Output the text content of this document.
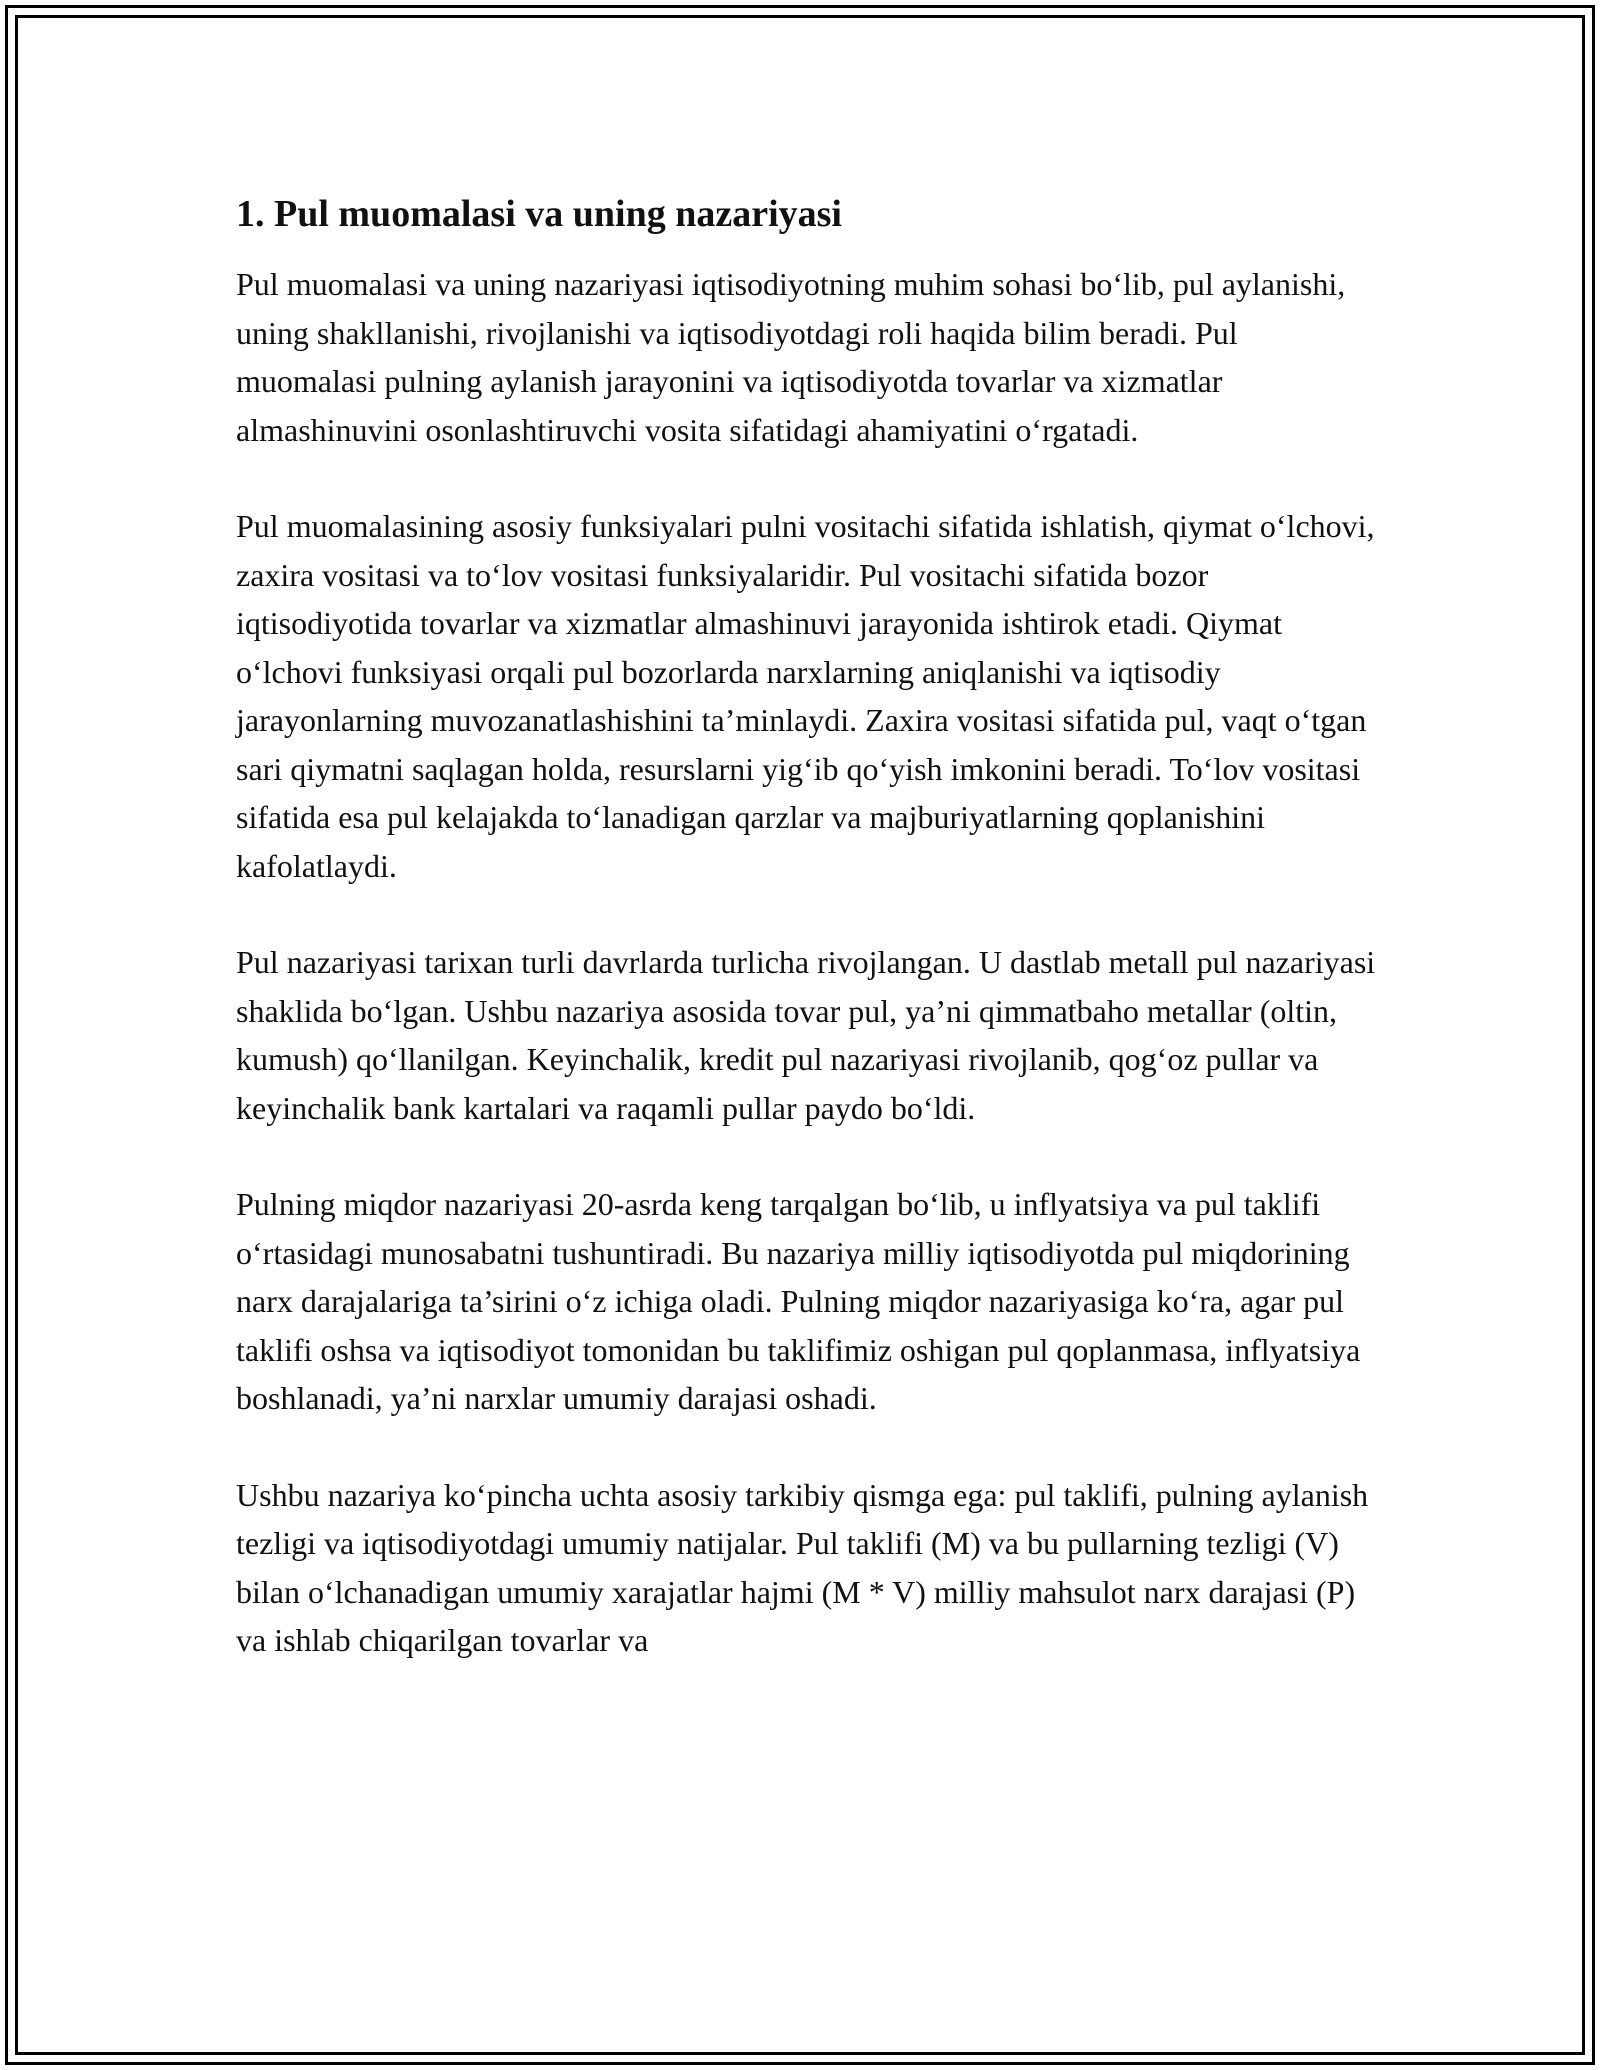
1. Pul muomalasi va uning nazariyasi

Pul muomalasi va uning nazariyasi iqtisodiyotning muhim sohasi bo‘lib, pul aylanishi, uning shakllanishi, rivojlanishi va iqtisodiyotdagi roli haqida bilim beradi. Pul muomalasi pulning aylanish jarayonini va iqtisodiyotda tovarlar va xizmatlar almashinuvini osonlashtiruvchi vosita sifatidagi ahamiyatini o‘rgatadi.

Pul muomalasining asosiy funksiyalari pulni vositachi sifatida ishlatish, qiymat o‘lchovi, zaxira vositasi va to‘lov vositasi funksiyalaridir. Pul vositachi sifatida bozor iqtisodiyotida tovarlar va xizmatlar almashinuvi jarayonida ishtirok etadi. Qiymat o‘lchovi funksiyasi orqali pul bozorlarda narxlarning aniqlanishi va iqtisodiy jarayonlarning muvozanatlashishini ta’minlaydi. Zaxira vositasi sifatida pul, vaqt o‘tgan sari qiymatni saqlagan holda, resurslarni yig‘ib qo‘yish imkonini beradi. To‘lov vositasi sifatida esa pul kelajakda to‘lanadigan qarzlar va majburiyatlarning qoplanishini kafolatlaydi.

Pul nazariyasi tarixan turli davrlarda turlicha rivojlangan. U dastlab metall pul nazariyasi shaklida bo‘lgan. Ushbu nazariya asosida tovar pul, ya’ni qimmatbaho metallar (oltin, kumush) qo‘llanilgan. Keyinchalik, kredit pul nazariyasi rivojlanib, qog‘oz pullar va keyinchalik bank kartalari va raqamli pullar paydo bo‘ldi.

Pulning miqdor nazariyasi 20-asrda keng tarqalgan bo‘lib, u inflyatsiya va pul taklifi o‘rtasidagi munosabatni tushuntiradi. Bu nazariya milliy iqtisodiyotda pul miqdorining narx darajalariga ta’sirini o‘z ichiga oladi. Pulning miqdor nazariyasiga ko‘ra, agar pul taklifi oshsa va iqtisodiyot tomonidan bu taklifimiz oshigan pul qoplanmasa, inflyatsiya boshlanadi, ya’ni narxlar umumiy darajasi oshadi.

Ushbu nazariya ko‘pincha uchta asosiy tarkibiy qismga ega: pul taklifi, pulning aylanish tezligi va iqtisodiyotdagi umumiy natijalar. Pul taklifi (M) va bu pullarning tezligi (V) bilan o‘lchanadigan umumiy xarajatlar hajmi (M * V) milliy mahsulot narx darajasi (P) va ishlab chiqarilgan tovarlar va
